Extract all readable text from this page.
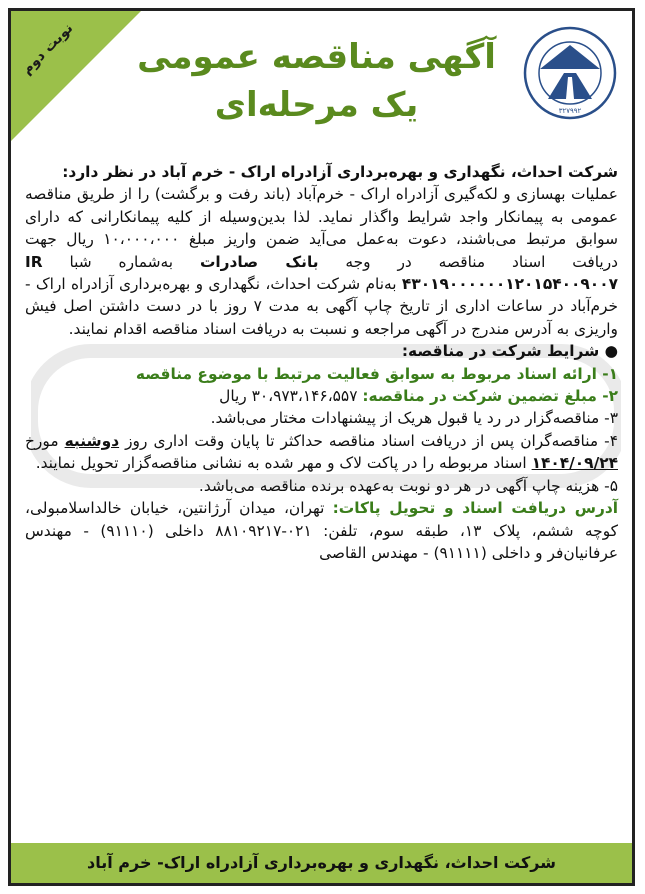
نوبت دوم
۳۲۷۹۹۲
آگهی مناقصه عمومی
یک مرحله‌ای

شرکت احداث، نگهداری و بهره‌برداری آزادراه اراک - خرم آباد در نظر دارد:

عملیات بهسازی و لکه‌گیری آزادراه اراک - خرم‌آباد (باند رفت و برگشت) را از طریق مناقصه عمومی به پیمانکار واجد شرایط واگذار نماید. لذا بدین‌وسیله از کلیه پیمانکارانی که دارای سوابق مرتبط می‌باشند، دعوت به‌عمل می‌آید ضمن واریز مبلغ ۱۰،۰۰۰،۰۰۰ ریال جهت دریافت اسناد مناقصه در وجه بانک صادرات به‌شماره شبا IR ۴۳۰۱۹۰۰۰۰۰۰۱۲۰۱۵۴۰۰۹۰۰۷ به‌نام شرکت احداث، نگهداری و بهره‌برداری آزادراه اراک - خرم‌آباد در ساعات اداری از تاریخ چاپ آگهی به مدت ۷ روز با در دست داشتن اصل فیش واریزی به آدرس مندرج در آگهی مراجعه و نسبت به دریافت اسناد مناقصه اقدام نمایند.

● شرایط شرکت در مناقصه:

۱- ارائه اسناد مربوط به سوابق فعالیت مرتبط با موضوع مناقصه

۲- مبلغ تضمین شرکت در مناقصه: ۳۰،۹۷۳،۱۴۶،۵۵۷ ریال

۳- مناقصه‌گزار در رد یا قبول هریک از پیشنهادات مختار می‌باشد.

۴- مناقصه‌گران پس از دریافت اسناد مناقصه حداکثر تا پایان وقت اداری روز دوشنبه مورخ ۱۴۰۴/۰۹/۲۴ اسناد مربوطه را در پاکت لاک و مهر شده به نشانی مناقصه‌گزار تحویل نمایند.

۵- هزینه چاپ آگهی در هر دو نوبت به‌عهده برنده مناقصه می‌باشد.

آدرس دریافت اسناد و تحویل پاکات: تهران، میدان آرژانتین، خیابان خالداسلامبولی، کوچه ششم، پلاک ۱۳، طبقه سوم، تلفن: ۰۲۱-۸۸۱۰۹۲۱۷ داخلی (۹۱۱۱۰) - مهندس عرفانیان‌فر و داخلی (۹۱۱۱۱) - مهندس القاصی

شرکت احداث، نگهداری و بهره‌برداری آزادراه اراک- خرم آباد
